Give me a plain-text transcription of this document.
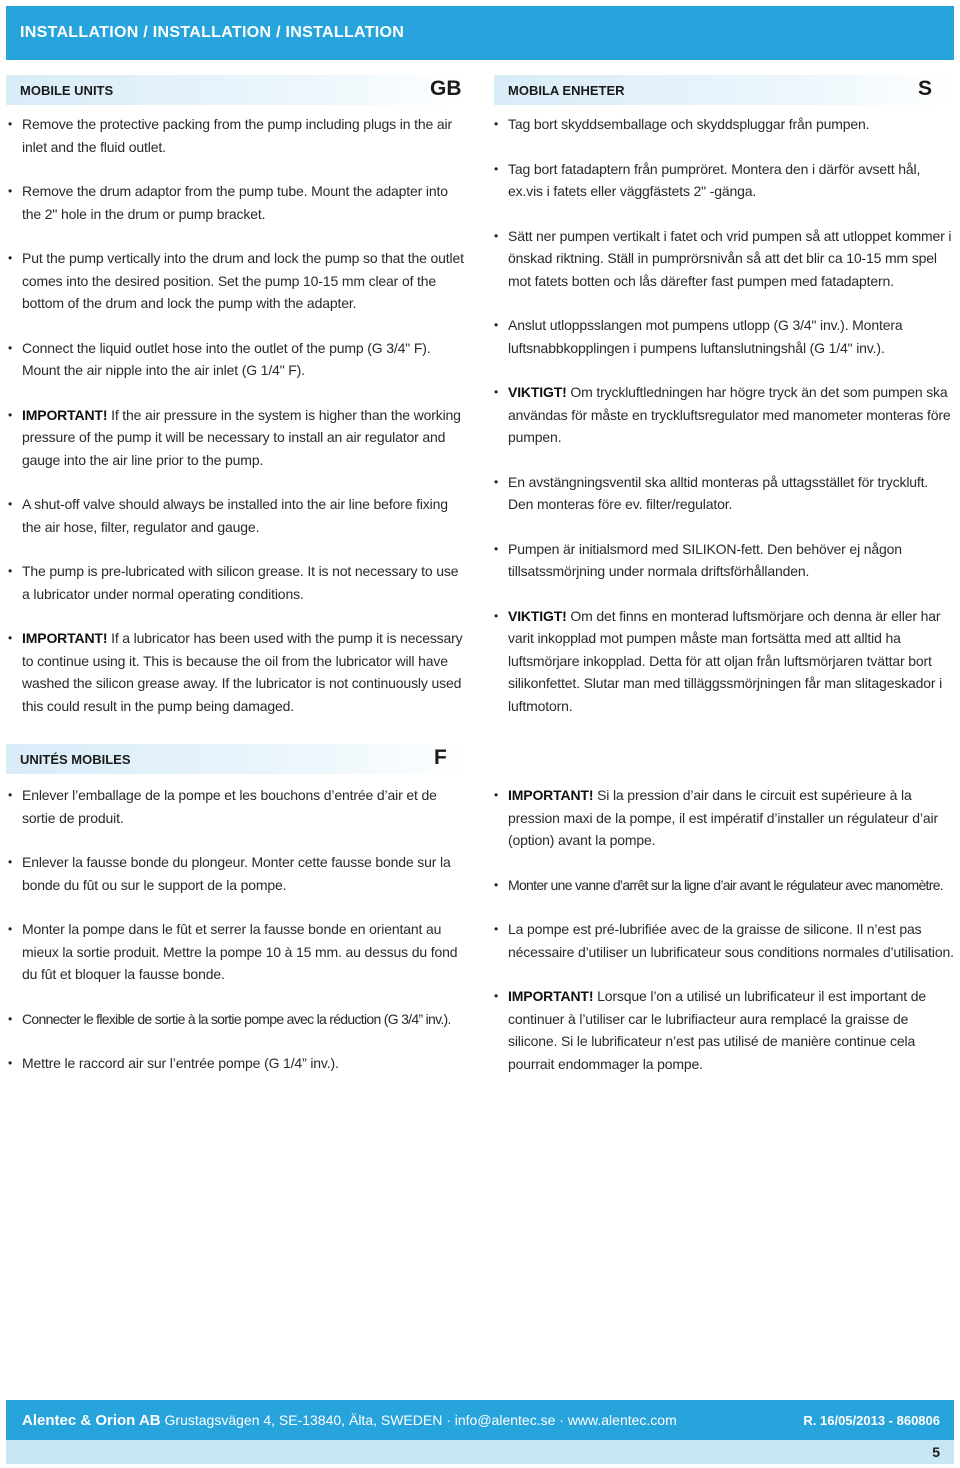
INSTALLATION / INSTALLATION / INSTALLATION
MOBILE UNITS	GB	MOBILA ENHETER	S
• Remove the protective packing from the pump including plugs in the air inlet and the fluid outlet.
• Remove the drum adaptor from the pump tube. Mount the adapter into the 2" hole in the drum or pump bracket.
• Put the pump vertically into the drum and lock the pump so that the outlet comes into the desired position. Set the pump 10-15 mm clear of the bottom of the drum and lock the pump with the adapter.
• Connect the liquid outlet hose into the outlet of the pump (G 3/4" F). Mount the air nipple into the air inlet (G 1/4" F).
• IMPORTANT! If the air pressure in the system is higher than the working pressure of the pump it will be necessary to install an air regulator and gauge into the air line prior to the pump.
• A shut-off valve should always be installed into the air line before fixing the air hose, filter, regulator and gauge.
• The pump is pre-lubricated with silicon grease. It is not necessary to use a lubricator under normal operating conditions.
• IMPORTANT! If a lubricator has been used with the pump it is necessary to continue using it. This is because the oil from the lubricator will have washed the silicon grease away. If the lubricator is not continuously used this could result in the pump being damaged.
• Tag bort skyddsemballage och skyddspluggar från pumpen.
• Tag bort fatadaptern från pumpröret. Montera den i därför avsett hål, ex.vis i fatets eller väggfästets 2" -gänga.
• Sätt ner pumpen vertikalt i fatet och vrid pumpen så att utloppet kommer i önskad riktning. Ställ in pumprörsnivån så att det blir ca 10-15 mm spel mot fatets botten och lås därefter fast pumpen med fatadaptern.
• Anslut utloppsslangen mot pumpens utlopp (G 3/4" inv.). Montera luftsnabbkopplingen i pumpens luftanslutningshål (G 1/4" inv.).
• VIKTIGT! Om tryckluftledningen har högre tryck än det som pumpen ska användas för måste en tryckluftsregulator med manometer monteras före pumpen.
• En avstängningsventil ska alltid monteras på uttagsstället för tryckluft. Den monteras före ev. filter/regulator.
• Pumpen är initialsmord med SILIKON-fett. Den behöver ej någon tillsatssmörjning under normala driftsförhållanden.
• VIKTIGT! Om det finns en monterad luftsmörjare och denna är eller har varit inkopplad mot pumpen måste man fortsätta med att alltid ha luftsmörjare inkopplad. Detta för att oljan från luftsmörjaren tvättar bort silikonfettet. Slutar man med tilläggssmörjningen får man slitageskador i luftmotorn.
UNITÉS MOBILES	F
• Enlever l’emballage de la pompe et les bouchons d’entrée d’air et de sortie de produit.
• Enlever la fausse bonde du plongeur. Monter cette fausse bonde sur la bonde du fût ou sur le support de la pompe.
• Monter la pompe dans le fût et serrer la fausse bonde en orientant au mieux la sortie produit. Mettre la pompe 10 à 15 mm. au dessus du fond du fût et bloquer la fausse bonde.
• Connecter le flexible de sortie à la sortie pompe avec la réduction (G 3/4” inv.).
• Mettre le raccord air sur l’entrée pompe (G 1/4” inv.).
• IMPORTANT! Si la pression d’air dans le circuit est supérieure à la pression maxi de la pompe, il est impératif d’installer un régulateur d’air (option) avant la pompe.
• Monter une vanne d’arrêt sur la ligne d’air avant le régulateur avec manomètre.
• La pompe est pré-lubrifiée avec de la graisse de silicone. Il n’est pas nécessaire d’utiliser un lubrificateur sous conditions normales d’utilisation.
• IMPORTANT! Lorsque l’on a utilisé un lubrificateur il est important de continuer à l’utiliser car le lubrifiacteur aura remplacé la graisse de silicone. Si le lubrificateur n’est pas utilisé de manière continue cela pourrait endommager la pompe.
Alentec & Orion AB Grustagsvägen 4, SE-13840, Älta, SWEDEN · info@alentec.se · www.alentec.com	R. 16/05/2013 - 860806
5
